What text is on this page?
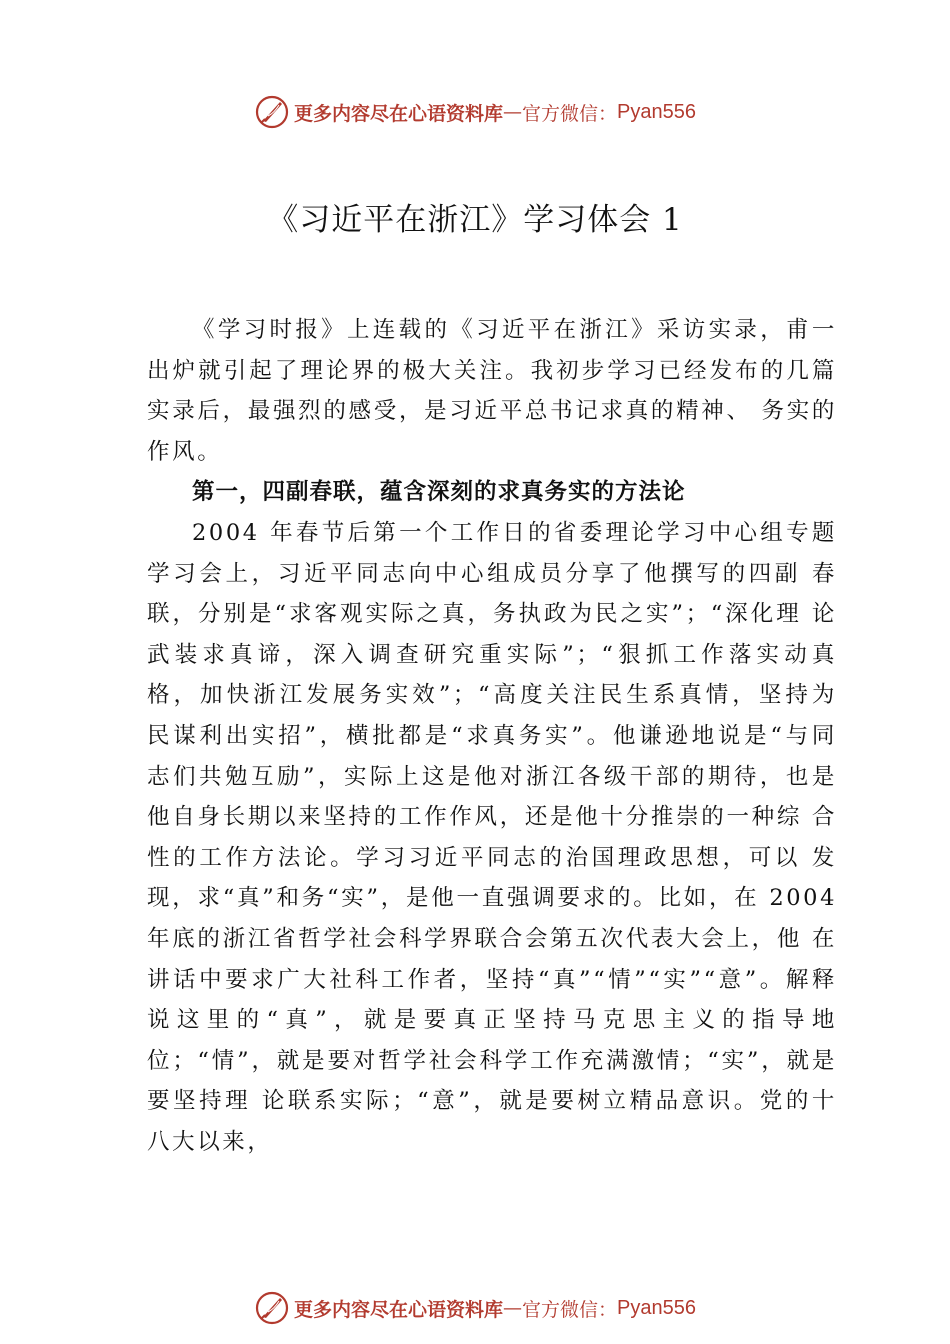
更多内容尽在心语资料库 — 官方微信： Pyan556
《习近平在浙江》学习体会 1

《学习时报》上连载的《习近平在浙江》采访实录，甫一出炉就引起了理论界的极大关注。我初步学习已经发布的几篇实录后，最强烈的感受，是习近平总书记求真的精神、 务实的作风。

第一，四副春联，蕴含深刻的求真务实的方法论

2004 年春节后第一个工作日的省委理论学习中心组专题学习会上，习近平同志向中心组成员分享了他撰写的四副 春联，分别是“求客观实际之真，务执政为民之实”；“深化理 论武装求真谛，深入调查研究重实际”；“狠抓工作落实动真 格，加快浙江发展务实效”；“高度关注民生系真情，坚持为 民谋利出实招”，横批都是“求真务实”。他谦逊地说是“与同 志们共勉互励”，实际上这是他对浙江各级干部的期待，也是 他自身长期以来坚持的工作作风，还是他十分推崇的一种综 合性的工作方法论。学习习近平同志的治国理政思想，可以 发现，求“真”和务“实”，是他一直强调要求的。比如，在 2004 年底的浙江省哲学社会科学界联合会第五次代表大会上，他 在讲话中要求广大社科工作者，坚持“真”“情”“实”“意”。解释说这里的“真”，就是要真正坚持马克思主义的指导地位；“情”，就是要对哲学社会科学工作充满激情；“实”，就是要坚持理 论联系实际；“意”，就是要树立精品意识。党的十八大以来，

更多内容尽在心语资料库 — 官方微信： Pyan556
